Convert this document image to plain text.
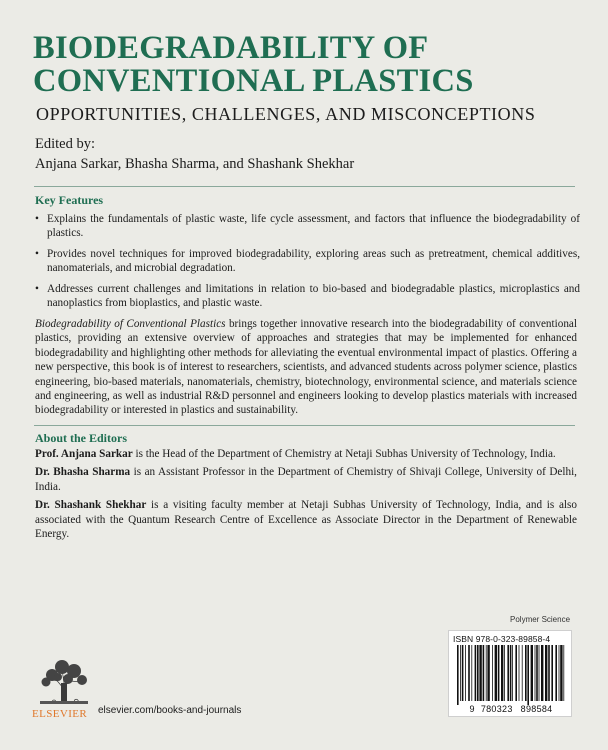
BIODEGRADABILITY OF
CONVENTIONAL PLASTICS
OPPORTUNITIES, CHALLENGES, AND MISCONCEPTIONS
Edited by:
Anjana Sarkar, Bhasha Sharma, and Shashank Shekhar
Key Features
• Explains the fundamentals of plastic waste, life cycle assessment, and factors that influence the biodegradability of plastics.
• Provides novel techniques for improved biodegradability, exploring areas such as pretreatment, chemical additives, nanomaterials, and microbial degradation.
• Addresses current challenges and limitations in relation to bio-based and biodegradable plastics, microplastics and nanoplastics from bioplastics, and plastic waste.

Biodegradability of Conventional Plastics brings together innovative research into the biodegradability of conventional plastics, providing an extensive overview of approaches and strategies that may be implemented for enhanced biodegradability and highlighting other methods for alleviating the eventual environmental impact of plastics. Offering a new perspective, this book is of interest to researchers, scientists, and advanced students across polymer science, plastics engineering, bio-based materials, nanomaterials, chemistry, biotechnology, environmental science, and materials science and engineering, as well as industrial R&D personnel and engineers looking to develop plastics materials with increased biodegradability or interested in plastics and sustainability.

About the Editors

Prof. Anjana Sarkar is the Head of the Department of Chemistry at Netaji Subhas University of Technology, India.

Dr. Bhasha Sharma is an Assistant Professor in the Department of Chemistry of Shivaji College, University of Delhi, India.

Dr. Shashank Shekhar is a visiting faculty member at Netaji Subhas University of Technology, India, and is also associated with the Quantum Research Centre of Excellence as Associate Director in the Department of Renewable Energy.

Polymer Science
ISBN 978-0-323-89858-4
9 780323 898584
ELSEVIER elsevier.com/books-and-journals
